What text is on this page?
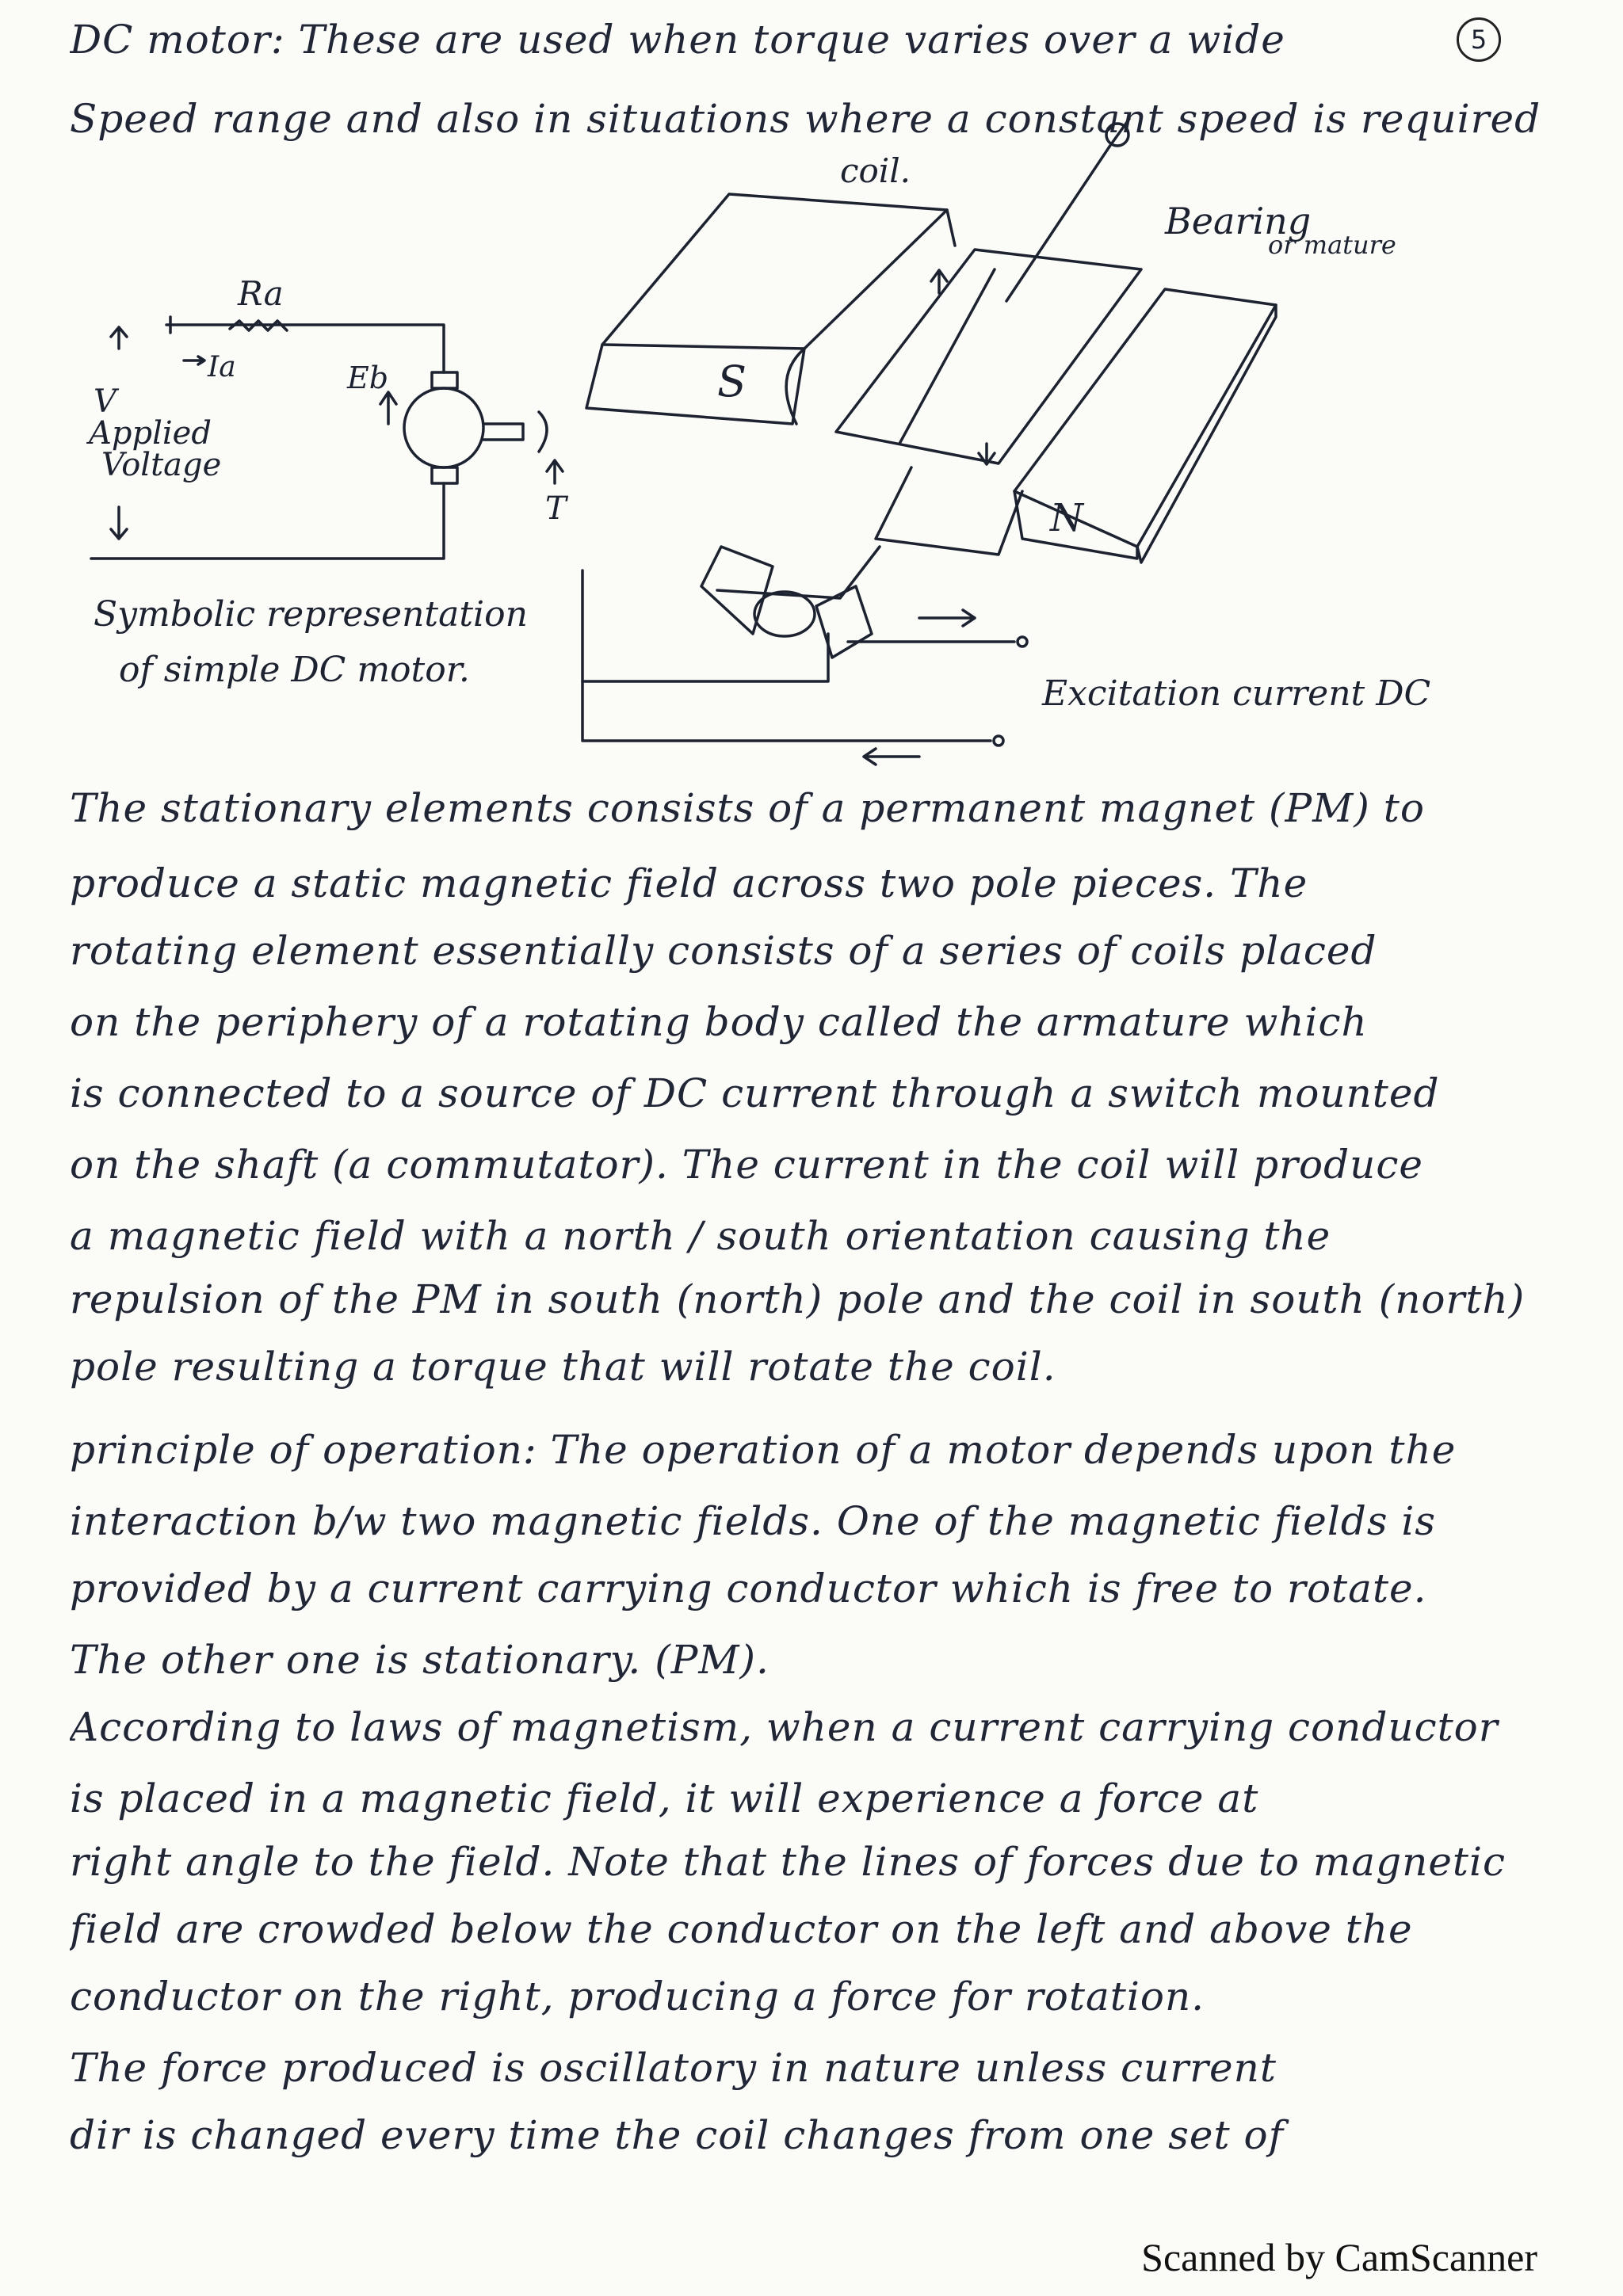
5
DC motor: These are used when torque varies over a wide
Speed range and also in situations where a constant speed is required
coil.
Bearing
or mature
S
N
Excitation current DC
Ra
Ia	Eb
V
Applied
Voltage
T
Symbolic representation
of simple DC motor.
The stationary elements consists of a permanent magnet (PM) to
produce a static magnetic field across two pole pieces. The
rotating element essentially consists of a series of coils placed
on the periphery of a rotating body called the armature which
is connected to a source of DC current through a switch mounted
on the shaft (a commutator). The current in the coil will produce
a magnetic field with a north / south orientation causing the
repulsion of the PM in south (north) pole and the coil in south (north)
pole resulting a torque that will rotate the coil.
principle of operation: The operation of a motor depends upon the
interaction b/w two magnetic fields. One of the magnetic fields is
provided by a current carrying conductor which is free to rotate.
The other one is stationary. (PM).
According to laws of magnetism, when a current carrying conductor
is placed in a magnetic field, it will experience a force at
right angle to the field. Note that the lines of forces due to magnetic
field are crowded below the conductor on the left and above the
conductor on the right, producing a force for rotation.
The force produced is oscillatory in nature unless current
dir is changed every time the coil changes from one set of
Scanned by CamScanner
